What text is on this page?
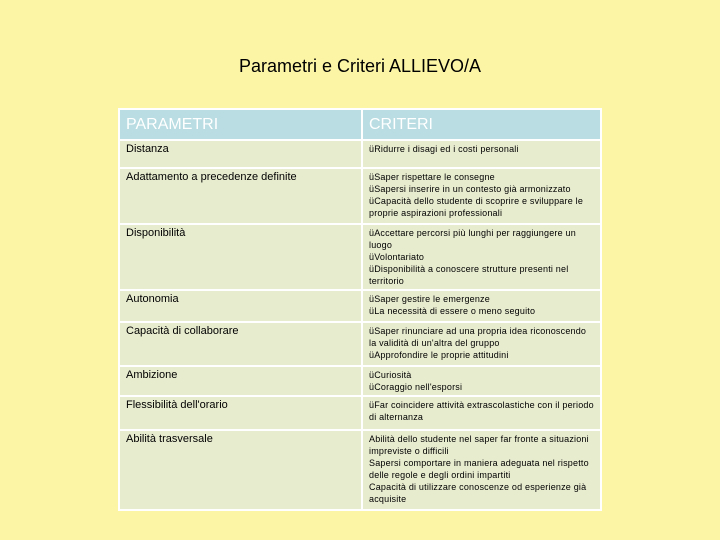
Parametri e Criteri ALLIEVO/A
PARAMETRI	CRITERI
Distanza	üRidurre i disagi ed i costi personali

Adattamento a precedenze definite	üSaper rispettare le consegne
üSapersi inserire in un contesto già armonizzato
üCapacità dello studente di scoprire e sviluppare le proprie aspirazioni professionali

Disponibilità	üAccettare percorsi più lunghi per raggiungere un luogo
üVolontariato
üDisponibilità a conoscere strutture presenti nel territorio

Autonomia	üSaper gestire le emergenze
üLa necessità di essere o meno seguito

Capacità di collaborare	üSaper rinunciare ad una propria idea riconoscendo la validità di un'altra del gruppo
üApprofondire le proprie attitudini

Ambizione	üCuriosità
üCoraggio nell'esporsi

Flessibilità dell'orario	üFar coincidere attività extrascolastiche con il periodo di alternanza

Abilità trasversale	Abilità dello studente nel saper far fronte a situazioni impreviste o difficili
Sapersi comportare in maniera adeguata nel rispetto delle regole e degli ordini impartiti
Capacità di utilizzare conoscenze od esperienze già acquisite
